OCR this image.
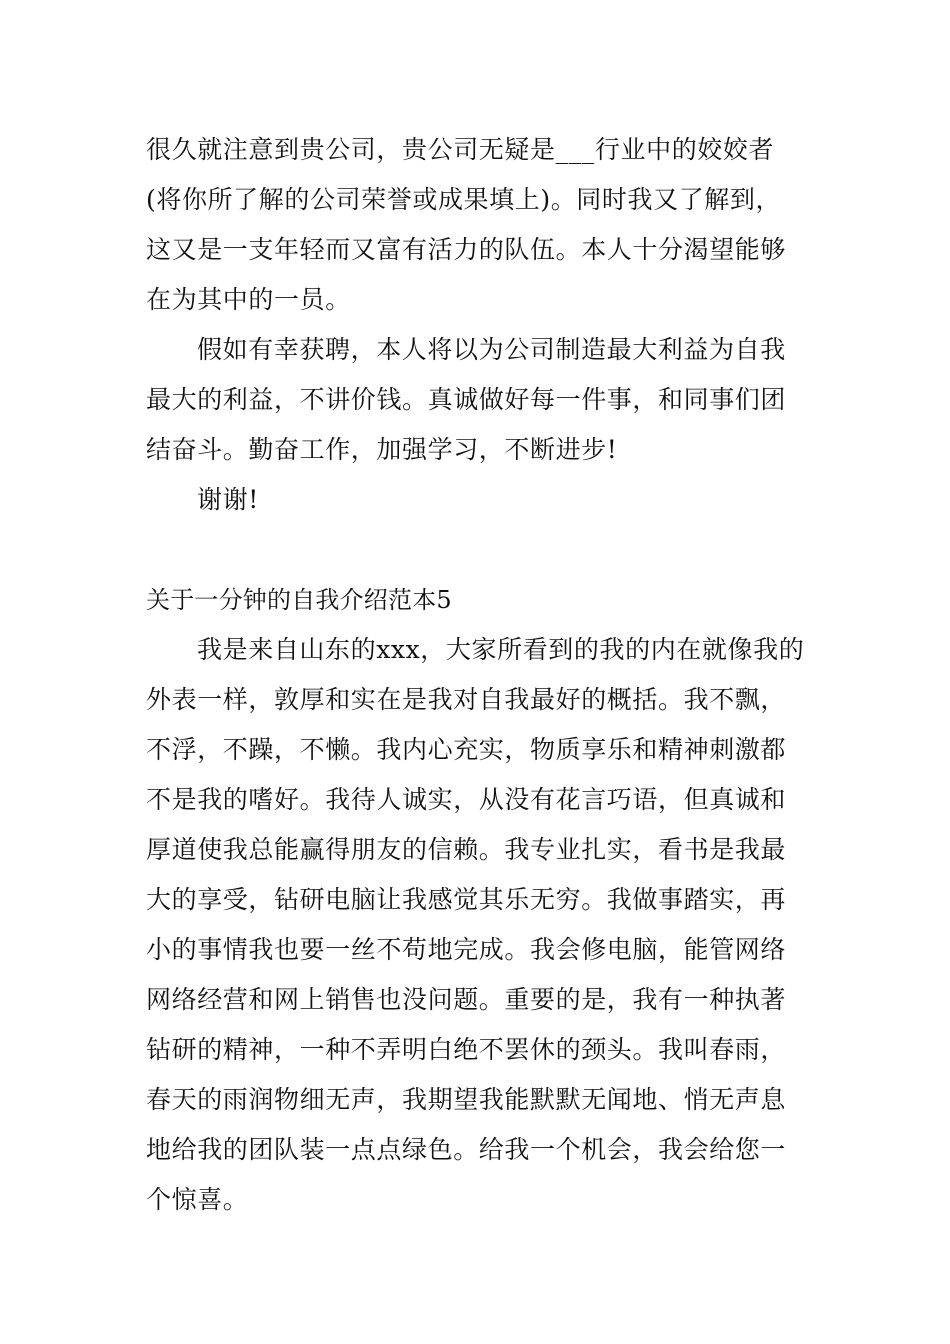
很久就注意到贵公司，贵公司无疑是___行业中的姣姣者
(将你所了解的公司荣誉或成果填上)。同时我又了解到，
这又是一支年轻而又富有活力的队伍。本人十分渴望能够
在为其中的一员。
假如有幸获聘，本人将以为公司制造最大利益为自我
最大的利益，不讲价钱。真诚做好每一件事，和同事们团
结奋斗。勤奋工作，加强学习，不断进步!
谢谢!
关于一分钟的自我介绍范本5
我是来自山东的xxx，大家所看到的我的内在就像我的
外表一样，敦厚和实在是我对自我最好的概括。我不飘，
不浮，不躁，不懒。我内心充实，物质享乐和精神刺激都
不是我的嗜好。我待人诚实，从没有花言巧语，但真诚和
厚道使我总能赢得朋友的信赖。我专业扎实，看书是我最
大的享受，钻研电脑让我感觉其乐无穷。我做事踏实，再
小的事情我也要一丝不苟地完成。我会修电脑，能管网络
网络经营和网上销售也没问题。重要的是，我有一种执著
钻研的精神，一种不弄明白绝不罢休的颈头。我叫春雨，
春天的雨润物细无声，我期望我能默默无闻地、悄无声息
地给我的团队装一点点绿色。给我一个机会，我会给您一
个惊喜。
